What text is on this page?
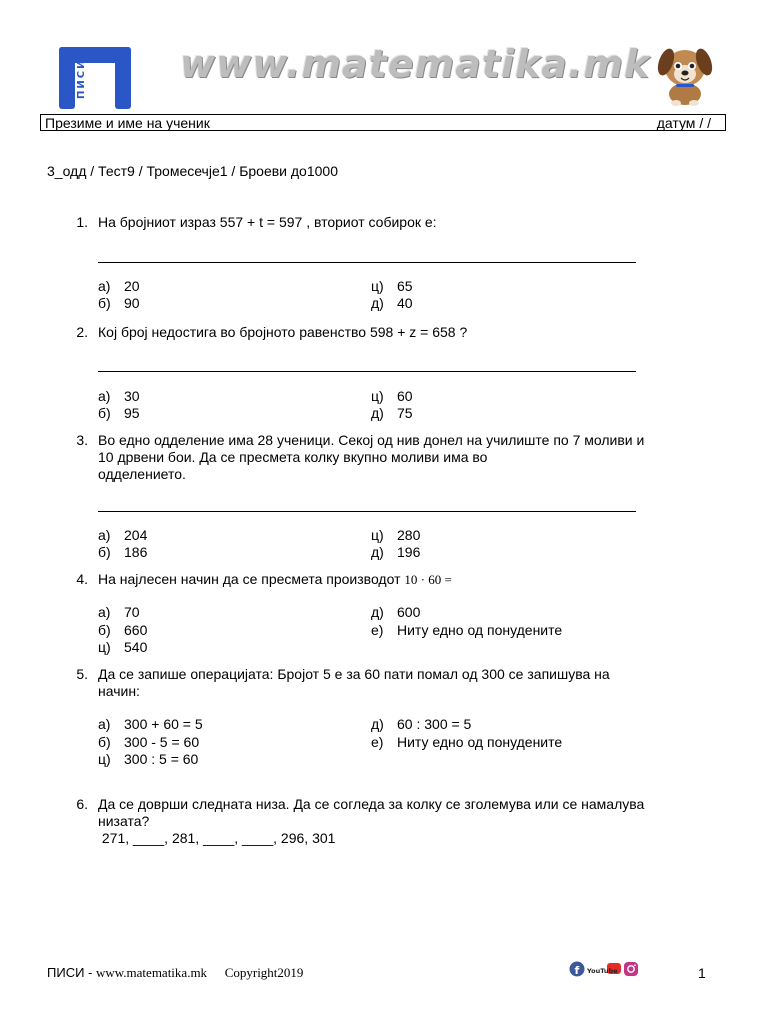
ПИСИ www.matematika.mk
Презиме и име на ученик	датум / /
3_одд / Тест9 / Тромесечје1 / Броеви до1000
1. На бројниот израз 557 + t = 597 , вториот собирок е:
а) 20	ц) 65
б) 90	д) 40
2. Кој број недостига во бројното равенство 598 + z = 658 ?
а) 30	ц) 60
б) 95	д) 75
3. Во едно одделение има 28 ученици. Секој од нив донел на училиште по 7 моливи и
10 дрвени бои. Да се пресмета колку вкупно моливи има во
одделението.
а) 204	ц) 280
б) 186	д) 196
4. На најлесен начин да се пресмета производот 10 · 60 =
а) 70	д) 600
б) 660	е) Ниту едно од понудените
ц) 540
5. Да се запише операцијата: Бројот 5 е за 60 пати помал од 300 се запишува на
начин:
а) 300 + 60 = 5	д) 60 : 300 = 5
б) 300 - 5 = 60	е) Ниту едно од понудените
ц) 300 : 5 = 60
6. Да се доврши следната низа. Да се согледа за колку се зголемува или се намалува
низата?
271, ____, 281, ____, ____, 296, 301
ПИСИ - www.matematika.mk Copyright2019	f YouTube	1
